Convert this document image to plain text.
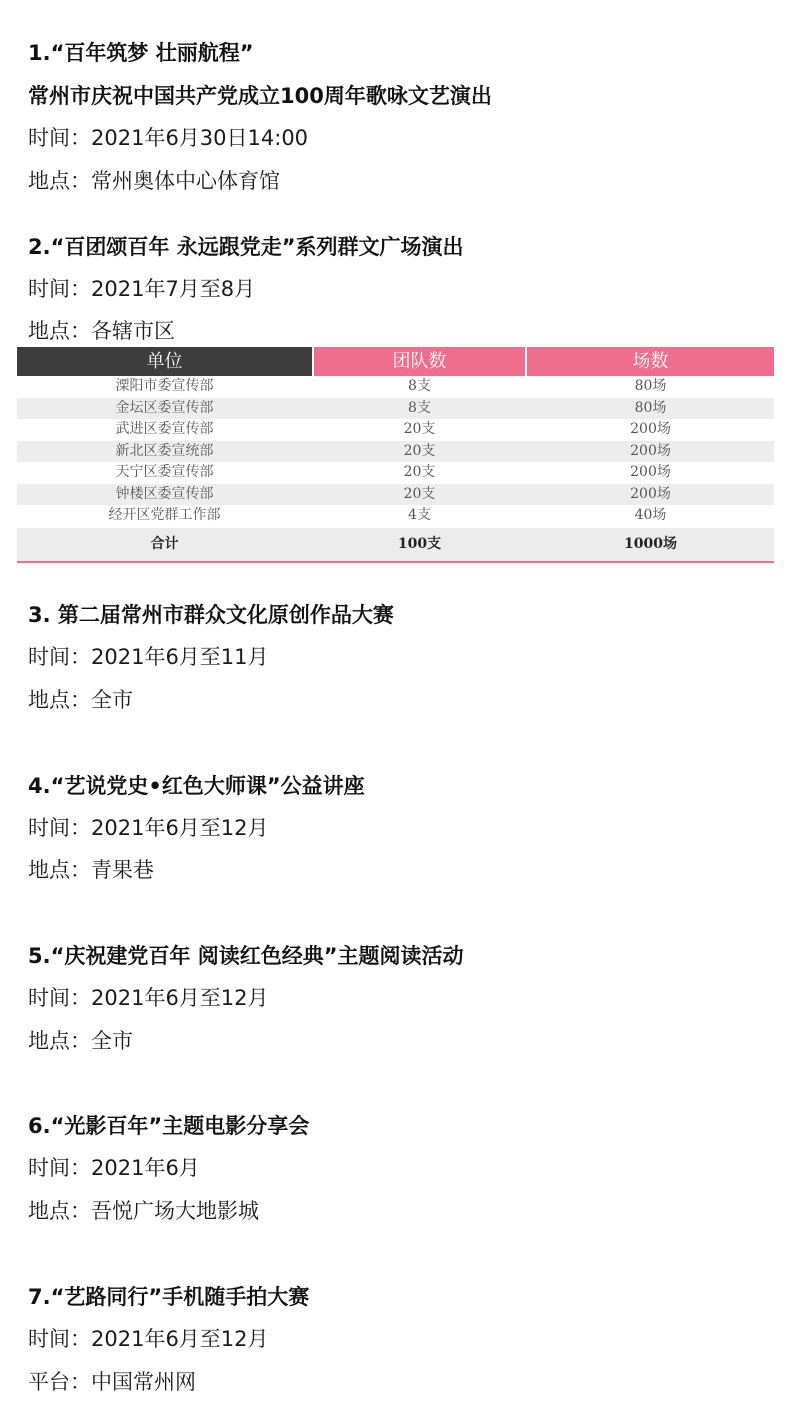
1.“百年筑梦 壮丽航程”
常州市庆祝中国共产党成立100周年歌咏文艺演出
时间：2021年6月30日14:00
地点：常州奥体中心体育馆
2.“百团颂百年 永远跟党走”系列群文广场演出
时间：2021年7月至8月
地点：各辖市区
单位	团队数	场数
溧阳市委宣传部	8支	80场
金坛区委宣传部	8支	80场
武进区委宣传部	20支	200场
新北区委宣统部	20支	200场
天宁区委宣传部	20支	200场
钟楼区委宣传部	20支	200场
经开区党群工作部	4支	40场
合计	100支	1000场
3. 第二届常州市群众文化原创作品大赛
时间：2021年6月至11月
地点：全市
4.“艺说党史•红色大师课”公益讲座
时间：2021年6月至12月
地点：青果巷
5.“庆祝建党百年 阅读红色经典”主题阅读活动
时间：2021年6月至12月
地点：全市
6.“光影百年”主题电影分享会
时间：2021年6月
地点：吾悦广场大地影城
7.“艺路同行”手机随手拍大赛
时间：2021年6月至12月
平台：中国常州网
